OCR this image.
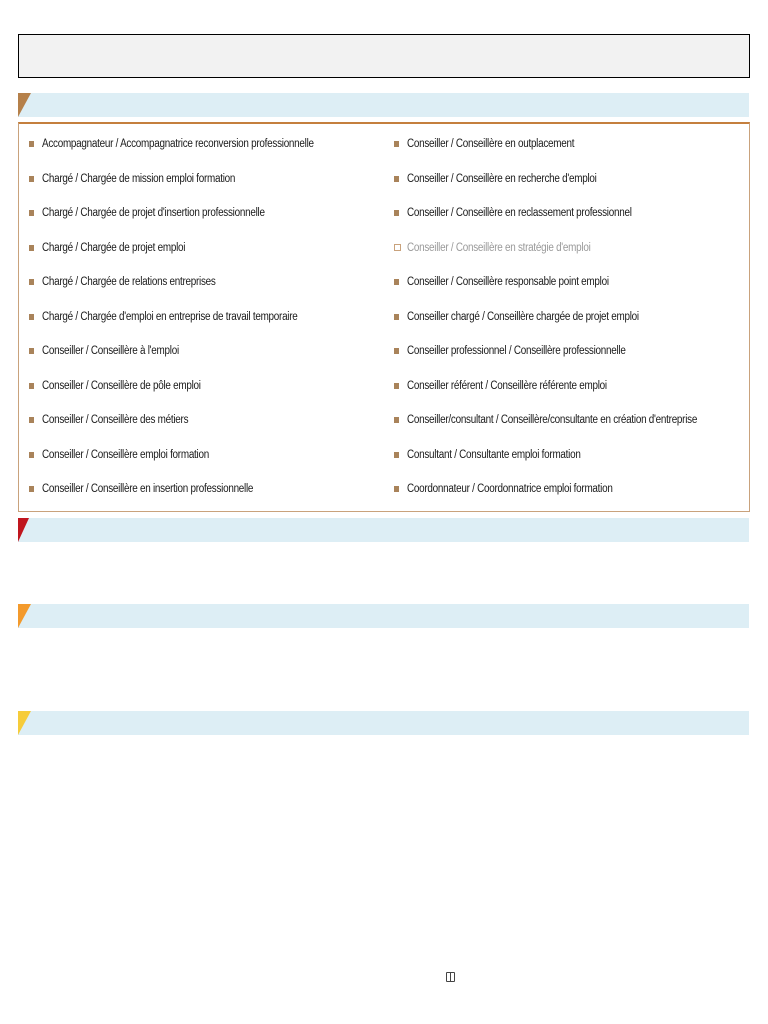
Accompagnateur / Accompagnatrice reconversion professionnelle
Chargé / Chargée de mission emploi formation
Chargé / Chargée de projet d'insertion professionnelle
Chargé / Chargée de projet emploi
Chargé / Chargée de relations entreprises
Chargé / Chargée d'emploi en entreprise de travail temporaire
Conseiller / Conseillère à l'emploi
Conseiller / Conseillère de pôle emploi
Conseiller / Conseillère des métiers
Conseiller / Conseillère emploi formation
Conseiller / Conseillère en insertion professionnelle
Conseiller / Conseillère en outplacement
Conseiller / Conseillère en recherche d'emploi
Conseiller / Conseillère en reclassement professionnel
Conseiller / Conseillère en stratégie d'emploi
Conseiller / Conseillère responsable point emploi
Conseiller chargé / Conseillère chargée de projet emploi
Conseiller professionnel / Conseillère professionnelle
Conseiller référent / Conseillère référente emploi
Conseiller/consultant / Conseillère/consultante en création d'entreprise
Consultant / Consultante emploi formation
Coordonnateur / Coordonnatrice emploi formation
